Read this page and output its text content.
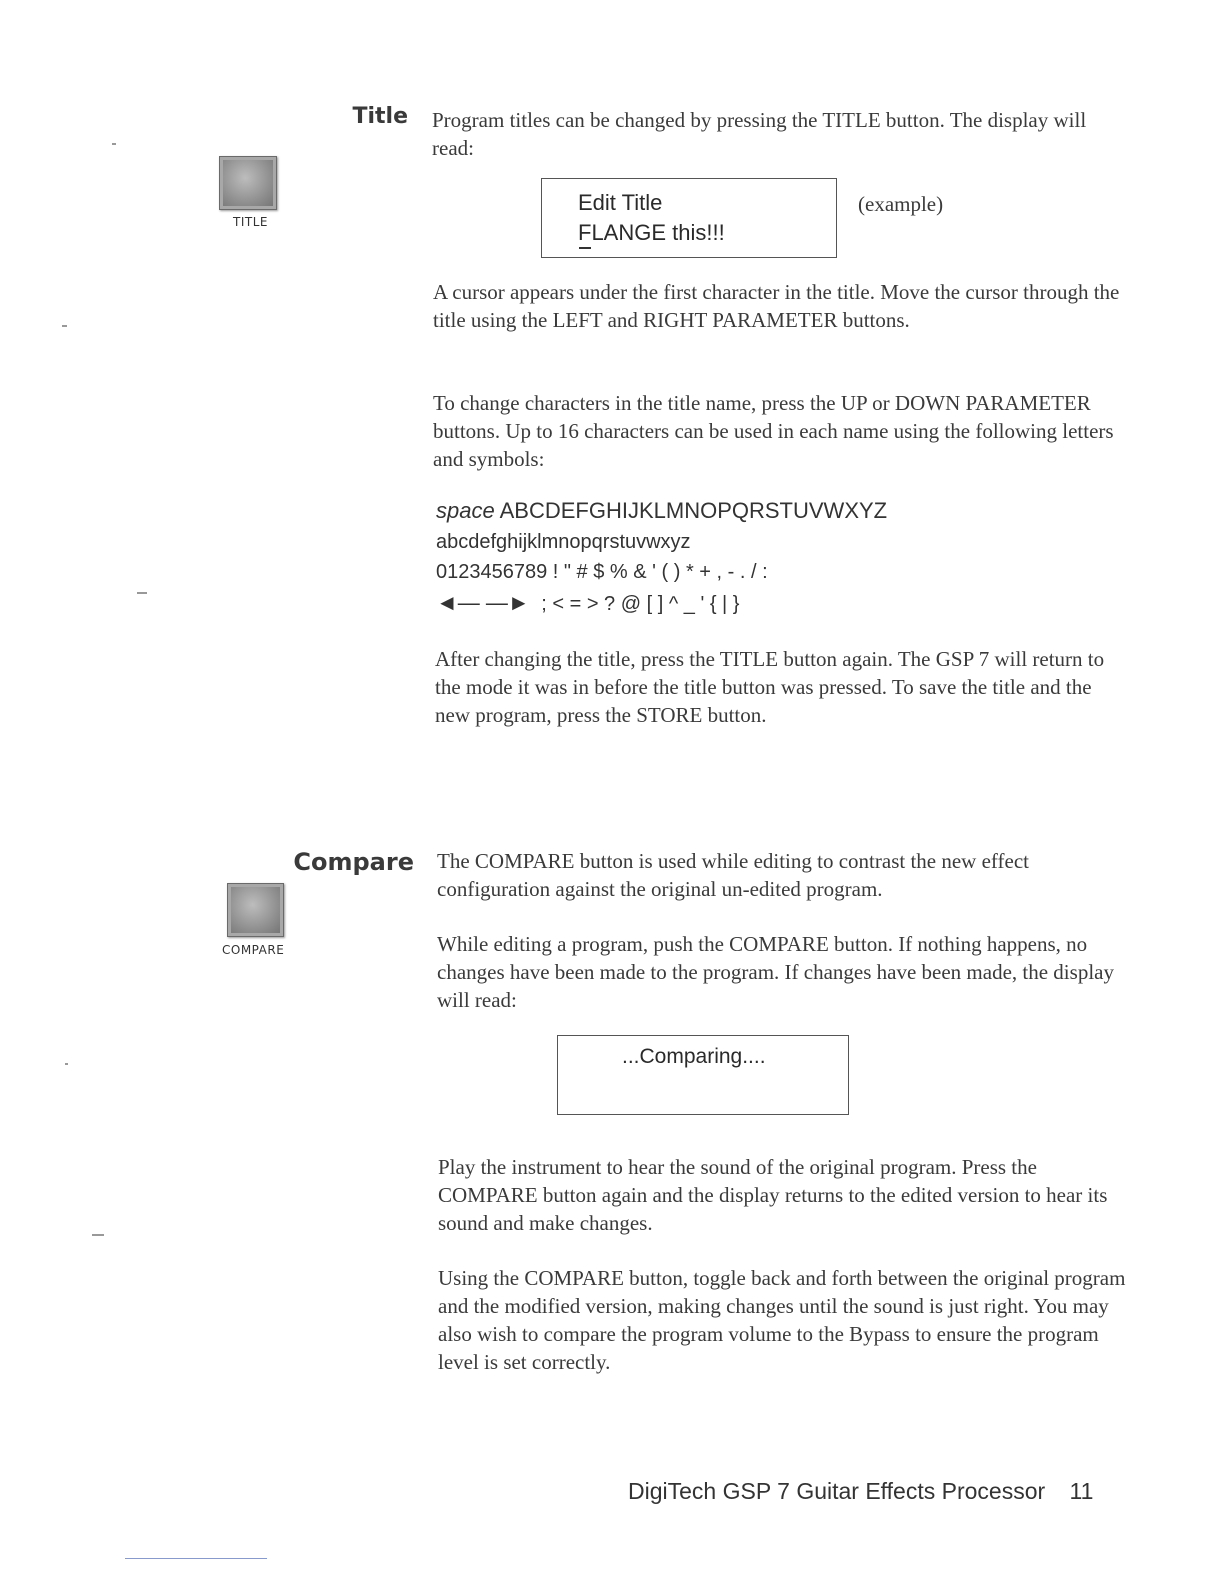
Title
TITLE

Program titles can be changed by pressing the TITLE button. The display will read:

Edit Title
FLANGE this!!!
(example)

A cursor appears under the first character in the title. Move the cursor through the title using the LEFT and RIGHT PARAMETER buttons.

To change characters in the title name, press the UP or DOWN PARAMETER buttons. Up to 16 characters can be used in each name using the following letters and symbols:

space ABCDEFGHIJKLMNOPQRSTUVWXYZ
abcdefghijklmnopqrstuvwxyz
0123456789 ! " # $ % & ' ( ) * + , - . / :
◄— —► ; < = > ? @ [ ] ^ _ ' { | }

After changing the title, press the TITLE button again. The GSP 7 will return to the mode it was in before the title button was pressed. To save the title and the new program, press the STORE button.

Compare
COMPARE

The COMPARE button is used while editing to contrast the new effect configuration against the original un-edited program.

While editing a program, push the COMPARE button. If nothing happens, no changes have been made to the program. If changes have been made, the display will read:

...Comparing....

Play the instrument to hear the sound of the original program. Press the COMPARE button again and the display returns to the edited version to hear its sound and make changes.

Using the COMPARE button, toggle back and forth between the original program and the modified version, making changes until the sound is just right. You may also wish to compare the program volume to the Bypass to ensure the program level is set correctly.

DigiTech GSP 7 Guitar Effects Processor 11
